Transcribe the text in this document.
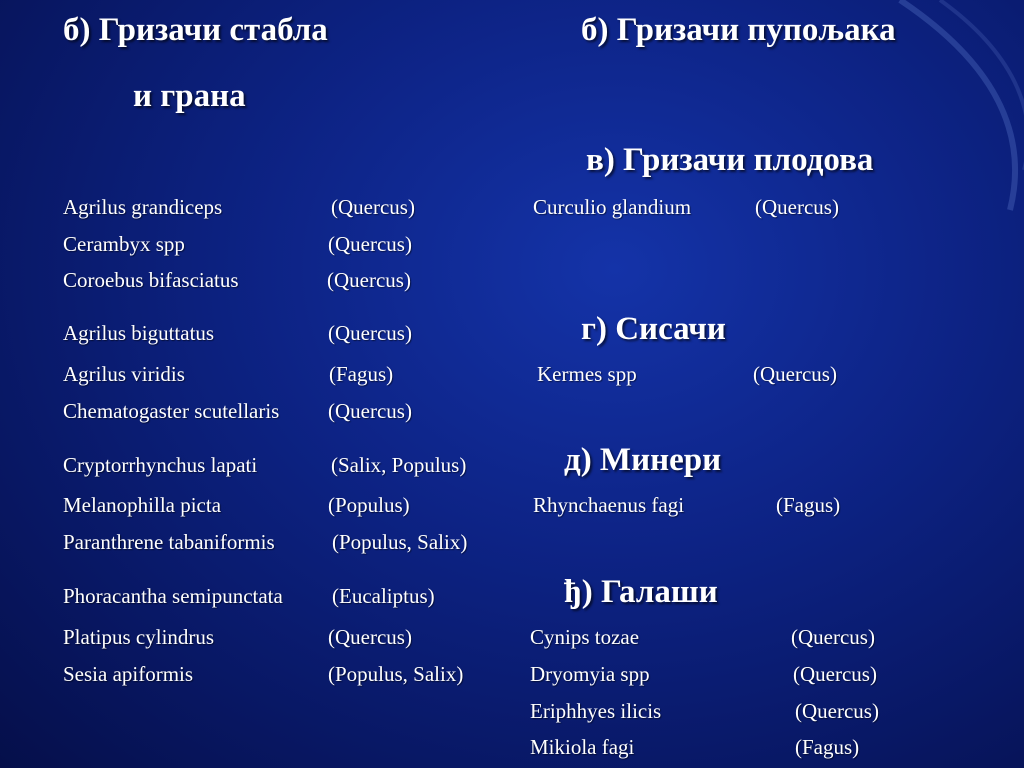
б) Гризачи стабла
и грана
б) Гризачи пупољака
в) Гризачи плодова
г) Сисачи
д) Минери
ђ) Галаши
Agrilus grandiceps	(Quercus)
Cerambyx spp	(Quercus)
Coroebus bifasciatus	(Quercus)
Agrilus biguttatus	(Quercus)
Agrilus viridis	(Fagus)
Chematogaster scutellaris (Quercus)
Cryptorrhynchus lapati	(Salix, Populus)
Melanophilla picta	(Populus)
Paranthrene tabaniformis	(Populus, Salix)
Phoracantha semipunctata (Eucaliptus)
Platipus cylindrus	(Quercus)
Sesia apiformis	(Populus, Salix)
Curculio glandium	(Quercus)
Kermes spp	(Quercus)
Rhynchaenus fagi	(Fagus)
Cynips tozae	(Quercus)
Dryomyia spp	(Quercus)
Eriphhyes ilicis	(Quercus)
Mikiola fagi	(Fagus)
